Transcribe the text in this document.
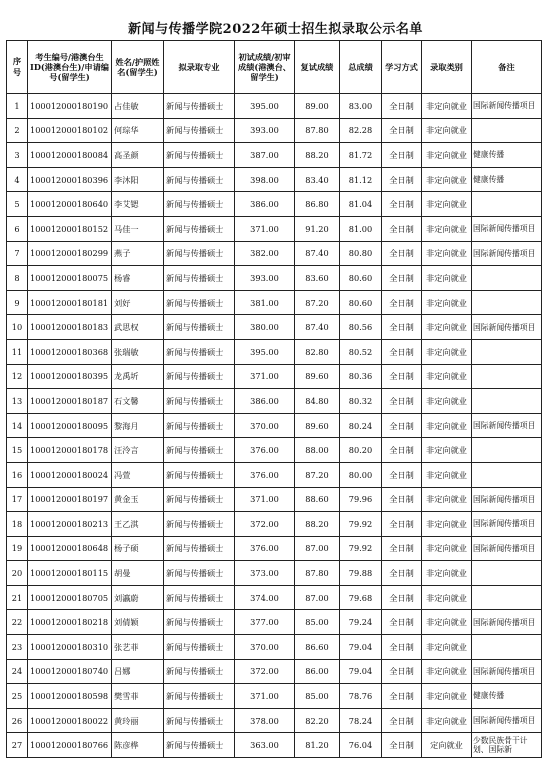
新闻与传播学院2022年硕士招生拟录取公示名单
序
号	考生编号/港澳台生ID(港澳台生)/申请编号(留学生)	姓名/护照姓名(留学生)	拟录取专业	初试成绩/初审成绩(港澳台、留学生)	复试成绩	总成绩	学习方式	录取类别	备注
1	100012000180190	占佳敏	新闻与传播硕士	395.00	89.00	83.00	全日制	非定向就业	国际新闻传播项目
2	100012000180102	何琮华	新闻与传播硕士	393.00	87.80	82.28	全日制	非定向就业	
3	100012000180084	高圣颜	新闻与传播硕士	387.00	88.20	81.72	全日制	非定向就业	健康传播
4	100012000180396	李沐阳	新闻与传播硕士	398.00	83.40	81.12	全日制	非定向就业	健康传播
5	100012000180640	李艾锶	新闻与传播硕士	386.00	86.80	81.04	全日制	非定向就业	
6	100012000180152	马佳一	新闻与传播硕士	371.00	91.20	81.00	全日制	非定向就业	国际新闻传播项目
7	100012000180299	燕子	新闻与传播硕士	382.00	87.40	80.80	全日制	非定向就业	国际新闻传播项目
8	100012000180075	杨睿	新闻与传播硕士	393.00	83.60	80.60	全日制	非定向就业	
9	100012000180181	刘好	新闻与传播硕士	381.00	87.20	80.60	全日制	非定向就业	
10	100012000180183	武思权	新闻与传播硕士	380.00	87.40	80.56	全日制	非定向就业	国际新闻传播项目
11	100012000180368	张瑞敏	新闻与传播硕士	395.00	82.80	80.52	全日制	非定向就业	
12	100012000180395	龙禹圻	新闻与传播硕士	371.00	89.60	80.36	全日制	非定向就业	
13	100012000180187	石文馨	新闻与传播硕士	386.00	84.80	80.32	全日制	非定向就业	
14	100012000180095	黎海月	新闻与传播硕士	370.00	89.60	80.24	全日制	非定向就业	国际新闻传播项目
15	100012000180178	汪泠言	新闻与传播硕士	376.00	88.00	80.20	全日制	非定向就业	
16	100012000180024	冯萱	新闻与传播硕士	376.00	87.20	80.00	全日制	非定向就业	
17	100012000180197	黄金玉	新闻与传播硕士	371.00	88.60	79.96	全日制	非定向就业	国际新闻传播项目
18	100012000180213	王乙淇	新闻与传播硕士	372.00	88.20	79.92	全日制	非定向就业	国际新闻传播项目
19	100012000180648	杨子硕	新闻与传播硕士	376.00	87.00	79.92	全日制	非定向就业	国际新闻传播项目
20	100012000180115	胡曼	新闻与传播硕士	373.00	87.80	79.88	全日制	非定向就业	
21	100012000180705	刘瀛蔚	新闻与传播硕士	374.00	87.00	79.68	全日制	非定向就业	
22	100012000180218	刘倩颖	新闻与传播硕士	377.00	85.00	79.24	全日制	非定向就业	国际新闻传播项目
23	100012000180310	张艺菲	新闻与传播硕士	370.00	86.60	79.04	全日制	非定向就业	
24	100012000180740	吕娜	新闻与传播硕士	372.00	86.00	79.04	全日制	非定向就业	国际新闻传播项目
25	100012000180598	樊雪菲	新闻与传播硕士	371.00	85.00	78.76	全日制	非定向就业	健康传播
26	100012000180022	黄玲丽	新闻与传播硕士	378.00	82.20	78.24	全日制	非定向就业	国际新闻传播项目
27	100012000180766	陈彦桦	新闻与传播硕士	363.00	81.20	76.04	全日制	定向就业	少数民族骨干计划、国际新
